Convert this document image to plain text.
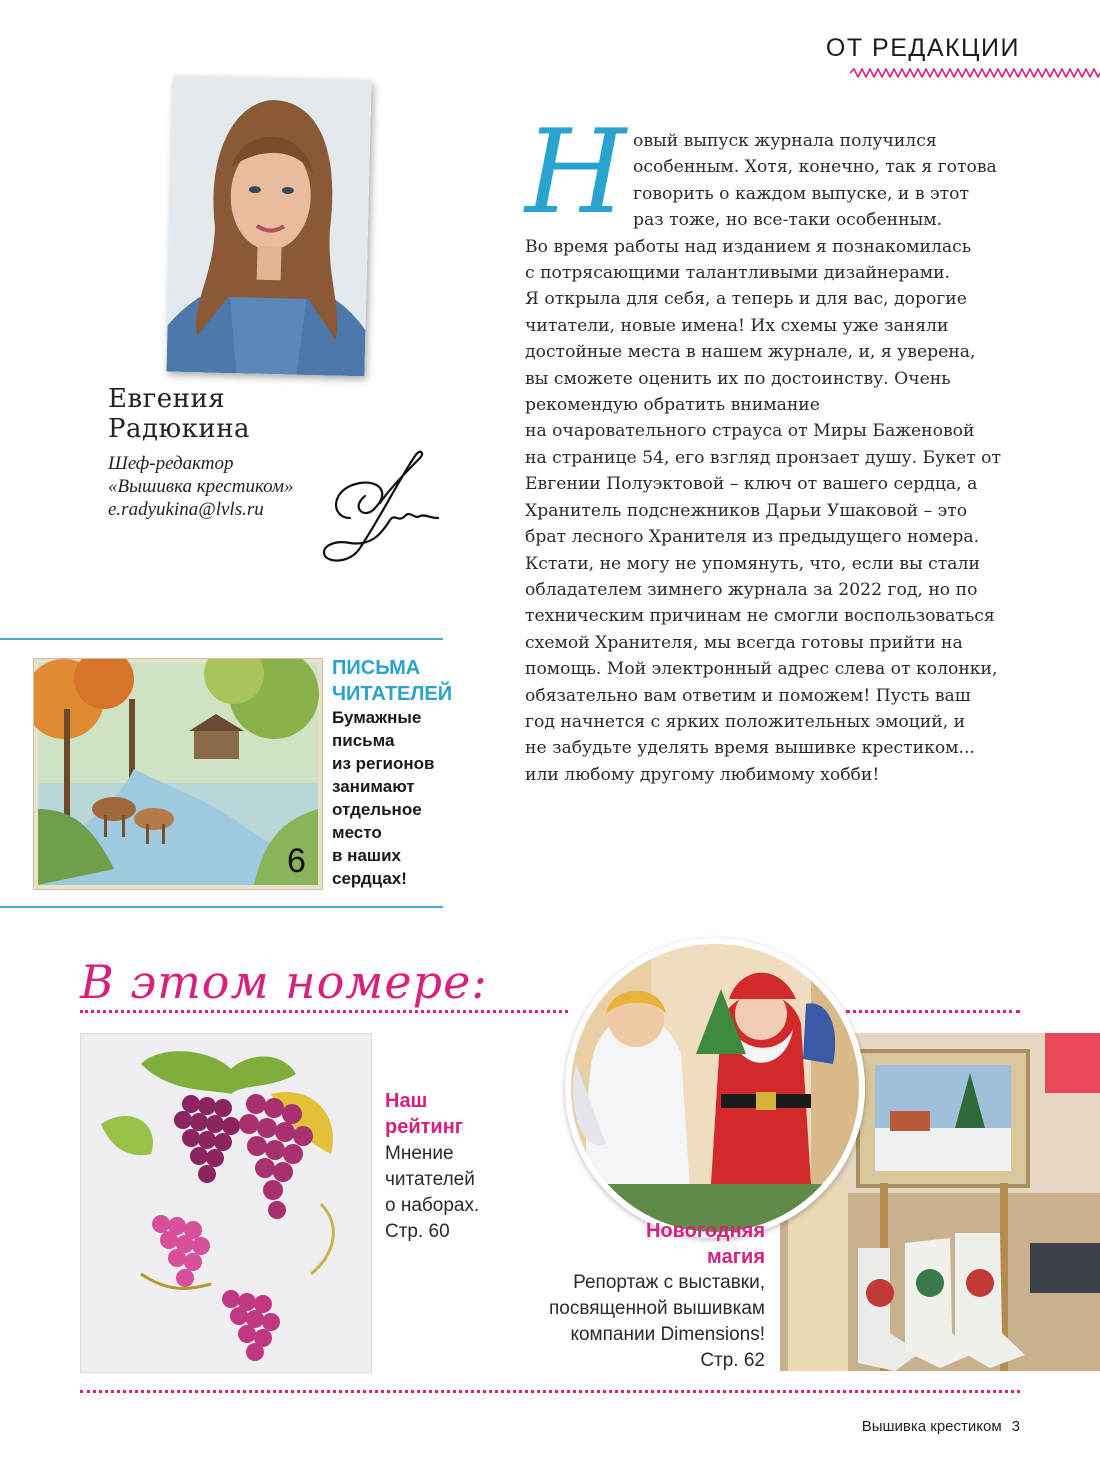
ОТ РЕДАКЦИИ
Евгения
Радюкина
Шеф-редактор
«Вышивка крестиком»
e.radyukina@lvls.ru
Н овый выпуск журнала получился
особенным. Хотя, конечно, так я готова
говорить о каждом выпуске, и в этот
раз тоже, но все-таки особенным.
Во время работы над изданием я познакомилась
с потрясающими талантливыми дизайнерами.
Я открыла для себя, а теперь и для вас, дорогие
читатели, новые имена! Их схемы уже заняли
достойные места в нашем журнале, и, я уверена,
вы сможете оценить их по достоинству. Очень
рекомендую обратить внимание
на очаровательного страуса от Миры Баженовой
на странице 54, его взгляд пронзает душу. Букет от
Евгении Полуэктовой – ключ от вашего сердца, а
Хранитель подснежников Дарьи Ушаковой – это
брат лесного Хранителя из предыдущего номера.
Кстати, не могу не упомянуть, что, если вы стали
обладателем зимнего журнала за 2022 год, но по
техническим причинам не смогли воспользоваться
схемой Хранителя, мы всегда готовы прийти на
помощь. Мой электронный адрес слева от колонки,
обязательно вам ответим и поможем! Пусть ваш
год начнется с ярких положительных эмоций, и
не забудьте уделять время вышивке крестиком...
или любому другому любимому хобби!
6
ПИСЬМА
ЧИТАТЕЛЕЙ
Бумажные
письма
из регионов
занимают
отдельное
место
в наших
сердцах!
В этом номере:
Наш
рейтинг
Мнение
читателей
о наборах.
Стр. 60	Новогодняя
магия
Репортаж с выставки,
посвященной вышивкам
компании Dimensions!
Стр. 62
Вышивка крестиком 3
